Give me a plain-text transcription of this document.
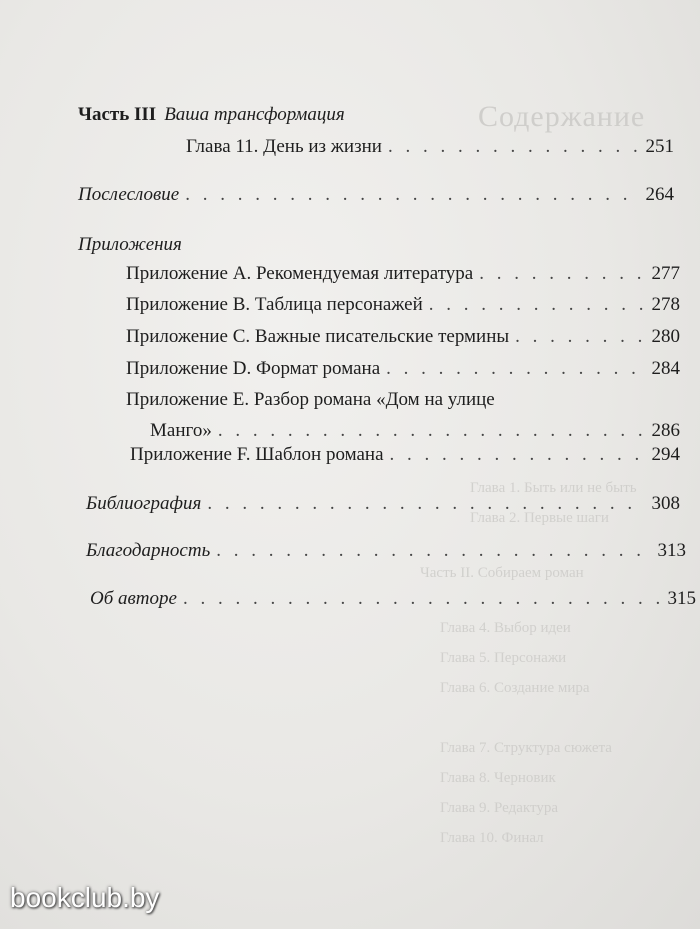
Содержание
Глава 1. Быть или не быть
Глава 2. Первые шаги
Часть II. Собираем роман
Глава 4. Выбор идеи
Глава 5. Персонажи
Глава 6. Создание мира
Глава 7. Структура сюжета
Глава 8. Черновик
Глава 9. Редактура
Глава 10. Финал
Часть III Ваша трансформация
Глава 11. День из жизни . . .	251
Послесловие . . .	264
Приложения
Приложение A. Рекомендуемая литература . . .	277
Приложение B. Таблица персонажей . . .	278
Приложение C. Важные писательские термины . . .	280
Приложение D. Формат романа . . .	284
Приложение E. Разбор романа «Дом на улице
Манго» . . .	286
Приложение F. Шаблон романа . . .	294
Библиография . . .	308
Благодарность . . .	313
Об авторе . . .	315
bookclub.by
